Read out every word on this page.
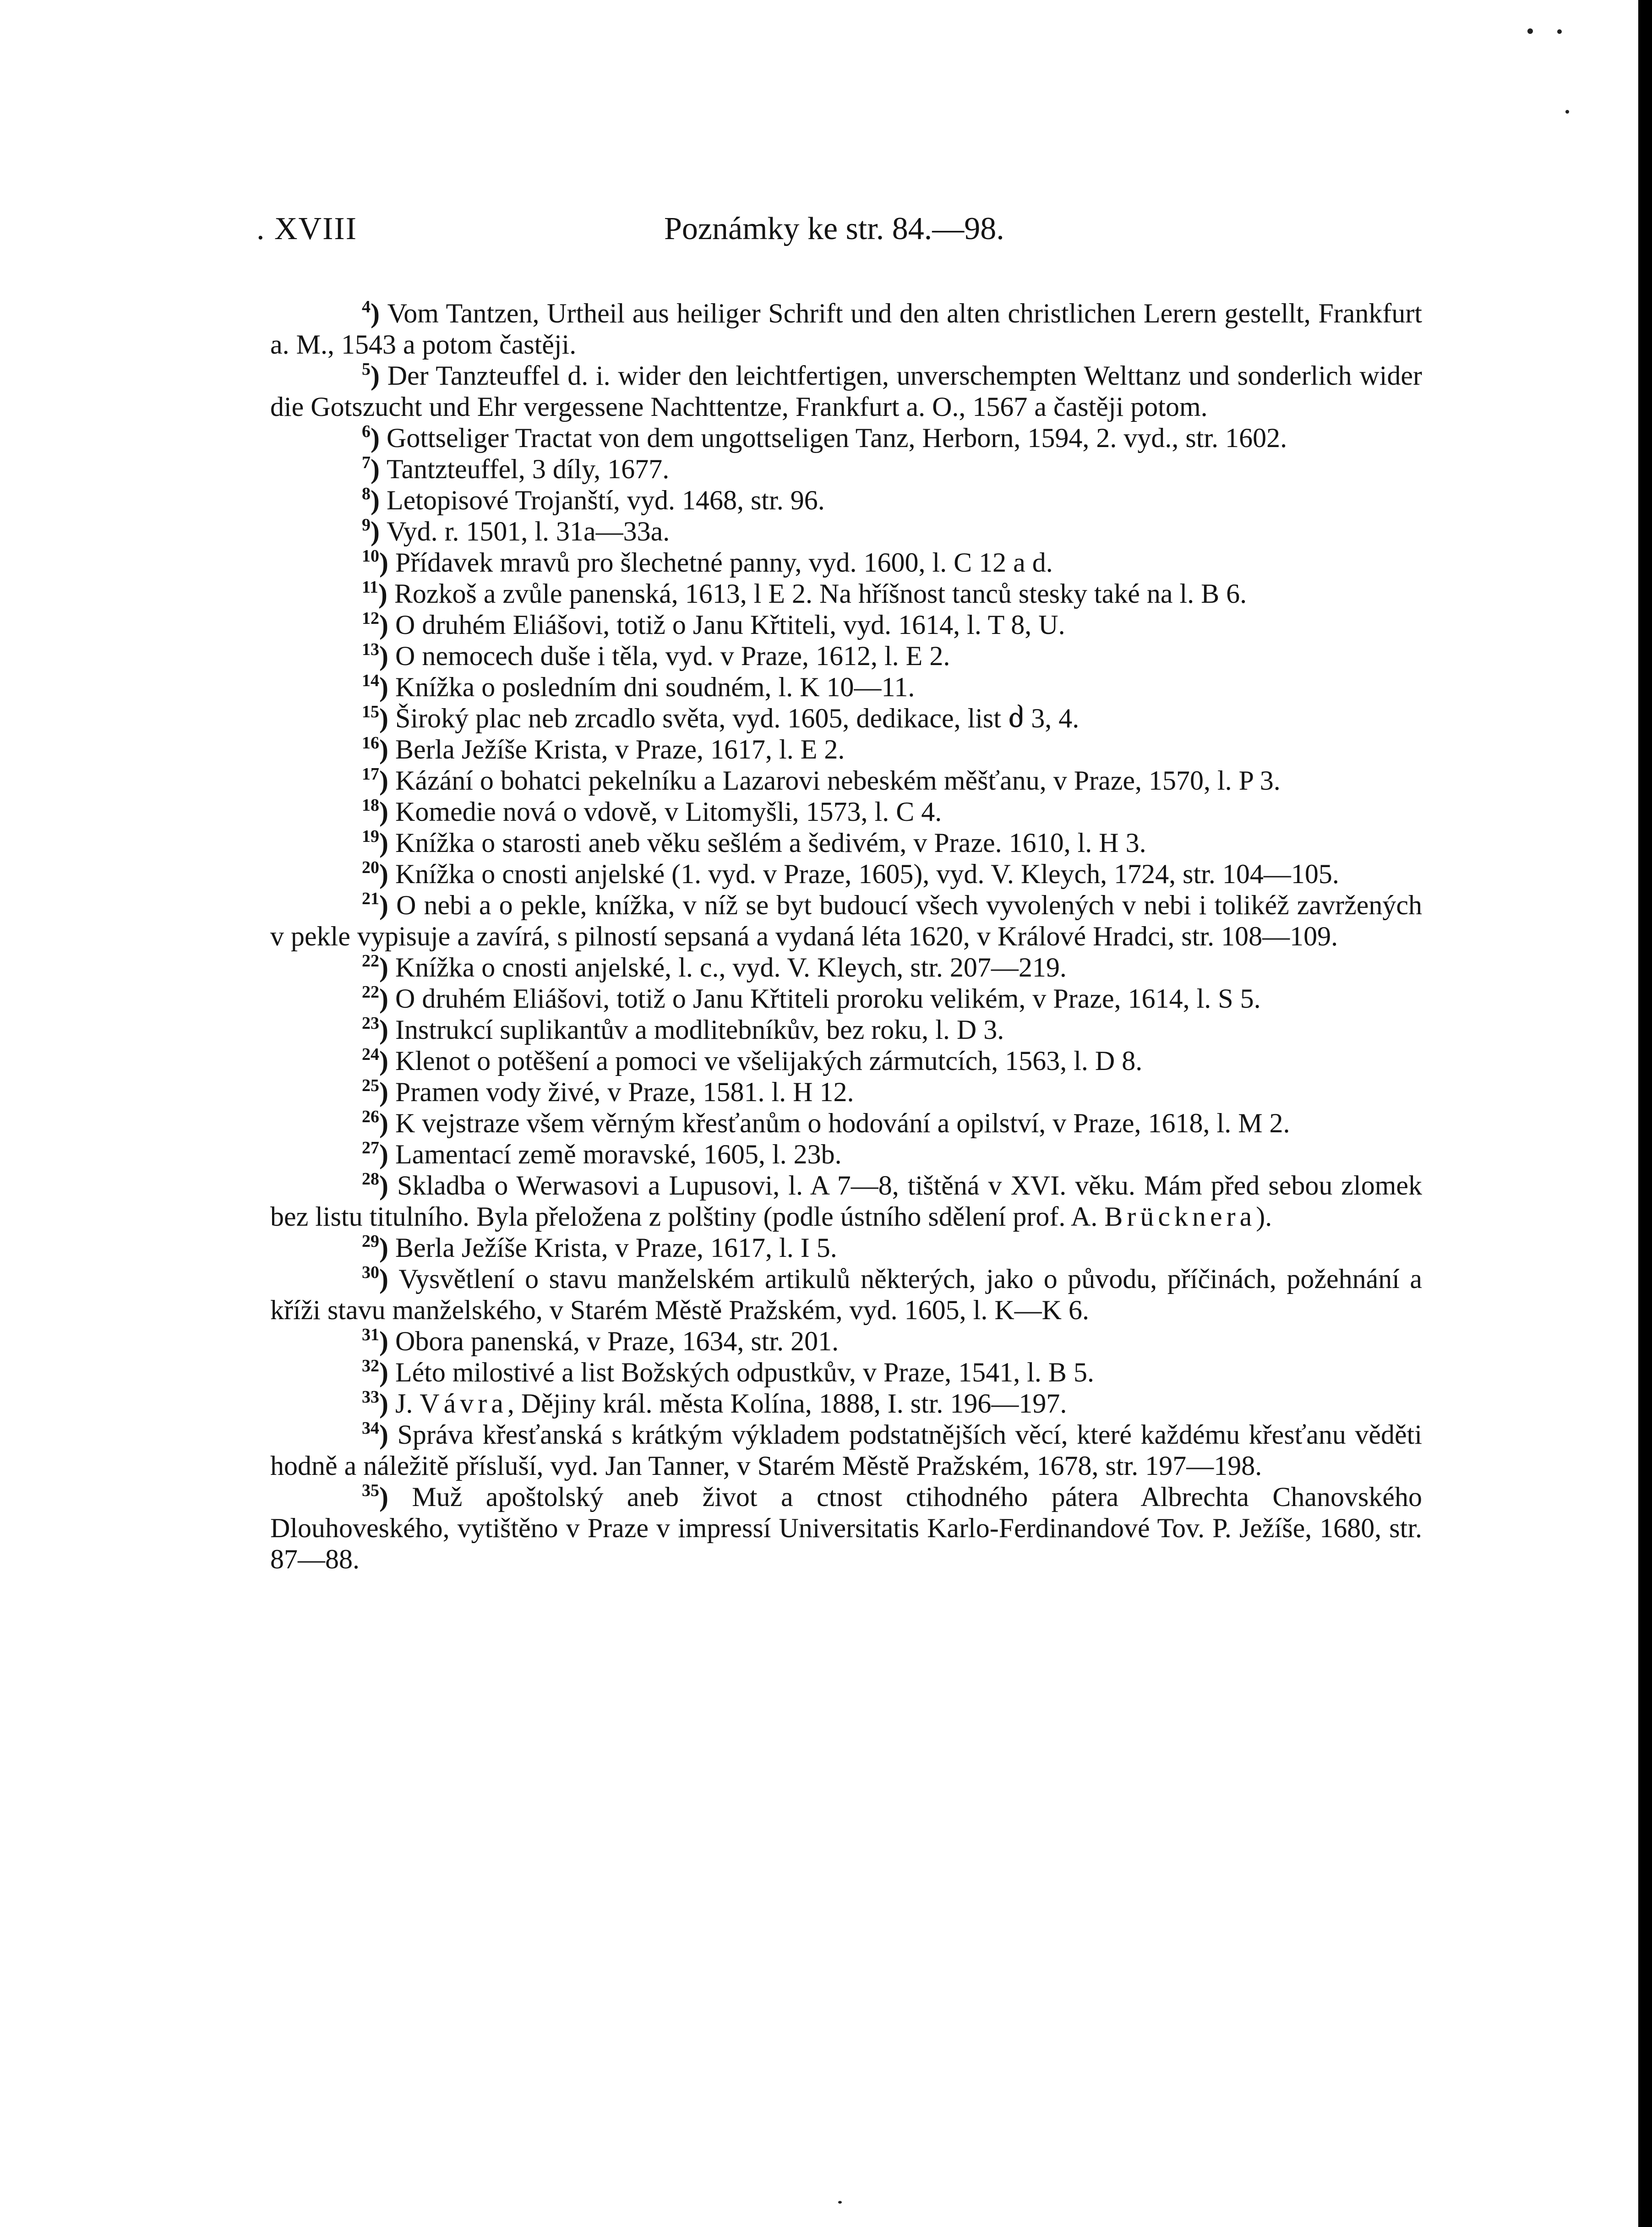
. XVIII	Poznámky ke str. 84.—98.

$^4$) Vom Tantzen, Urtheil aus heiliger Schrift und den alten christlichen Lerern gestellt, Frankfurt a. M., 1543 a potom častěji.

$^5$) Der Tanzteuffel d. i. wider den leichtfertigen, unverschempten Welttanz und sonderlich wider die Gotszucht und Ehr vergessene Nachttentze, Frankfurt a. O., 1567 a častěji potom.

$^6$) Gottseliger Tractat von dem ungottseligen Tanz, Herborn, 1594, 2. vyd., str. 1602.

$^7$) Tantzteuffel, 3 díly, 1677.

$^8$) Letopisové Trojanští, vyd. 1468, str. 96.

$^9$) Vyd. r. 1501, l. 31a—33a.

$^{10}$) Přídavek mravů pro šlechetné panny, vyd. 1600, l. C 12 a d.

$^{11}$) Rozkoš a zvůle panenská, 1613, l E 2. Na hříšnost tanců stesky také na l. B 6.

$^{12}$) O druhém Eliášovi, totiž o Janu Křtiteli, vyd. 1614, l. T 8, U.

$^{13}$) O nemocech duše i těla, vyd. v Praze, 1612, l. E 2.

$^{14}$) Knížka o posledním dni soudném, l. K 10—11.

$^{15}$) Široký plac neb zrcadlo světa, vyd. 1605, dedikace, list ძ 3, 4.

$^{16}$) Berla Ježíše Krista, v Praze, 1617, l. E 2.

$^{17}$) Kázání o bohatci pekelníku a Lazarovi nebeském měšťanu, v Praze, 1570, l. P 3.

$^{18}$) Komedie nová o vdově, v Litomyšli, 1573, l. C 4.

$^{19}$) Knížka o starosti aneb věku sešlém a šedivém, v Praze. 1610, l. H 3.

$^{20}$) Knížka o cnosti anjelské (1. vyd. v Praze, 1605), vyd. V. Kleych, 1724, str. 104—105.

$^{21}$) O nebi a o pekle, knížka, v níž se byt budoucí všech vyvolených v nebi i tolikéž zavržených v pekle vypisuje a zavírá, s pilností sepsaná a vydaná léta 1620, v Králové Hradci, str. 108—109.

$^{22}$) Knížka o cnosti anjelské, l. c., vyd. V. Kleych, str. 207—219.

$^{22}$) O druhém Eliášovi, totiž o Janu Křtiteli proroku velikém, v Praze, 1614, l. S 5.

$^{23}$) Instrukcí suplikantův a modlitebníkův, bez roku, l. D 3.

$^{24}$) Klenot o potěšení a pomoci ve všelijakých zármutcích, 1563, l. D 8.

$^{25}$) Pramen vody živé, v Praze, 1581. l. H 12.

$^{26}$) K vejstraze všem věrným křesťanům o hodování a opilství, v Praze, 1618, l. M 2.

$^{27}$) Lamentací země moravské, 1605, l. 23b.

$^{28}$) Skladba o Werwasovi a Lupusovi, l. A 7—8, tištěná v XVI. věku. Mám před sebou zlomek bez listu titulního. Byla přeložena z polštiny (podle ústního sdělení prof. A. Brücknera).

$^{29}$) Berla Ježíše Krista, v Praze, 1617, l. I 5.

$^{30}$) Vysvětlení o stavu manželském artikulů některých, jako o původu, příčinách, požehnání a kříži stavu manželského, v Starém Městě Pražském, vyd. 1605, l. K—K 6.

$^{31}$) Obora panenská, v Praze, 1634, str. 201.

$^{32}$) Léto milostivé a list Božských odpustkův, v Praze, 1541, l. B 5.

$^{33}$) J. Vávra, Dějiny král. města Kolína, 1888, I. str. 196—197.

$^{34}$) Správa křesťanská s krátkým výkladem podstatnějších věcí, které každému křesťanu věděti hodně a náležitě přísluší, vyd. Jan Tanner, v Starém Městě Pražském, 1678, str. 197—198.

$^{35}$) Muž apoštolský aneb život a ctnost ctihodného pátera Albrechta Chanovského Dlouhoveského, vytištěno v Praze v impressí Universitatis Karlo-Ferdinandové Tov. P. Ježíše, 1680, str. 87—88.
